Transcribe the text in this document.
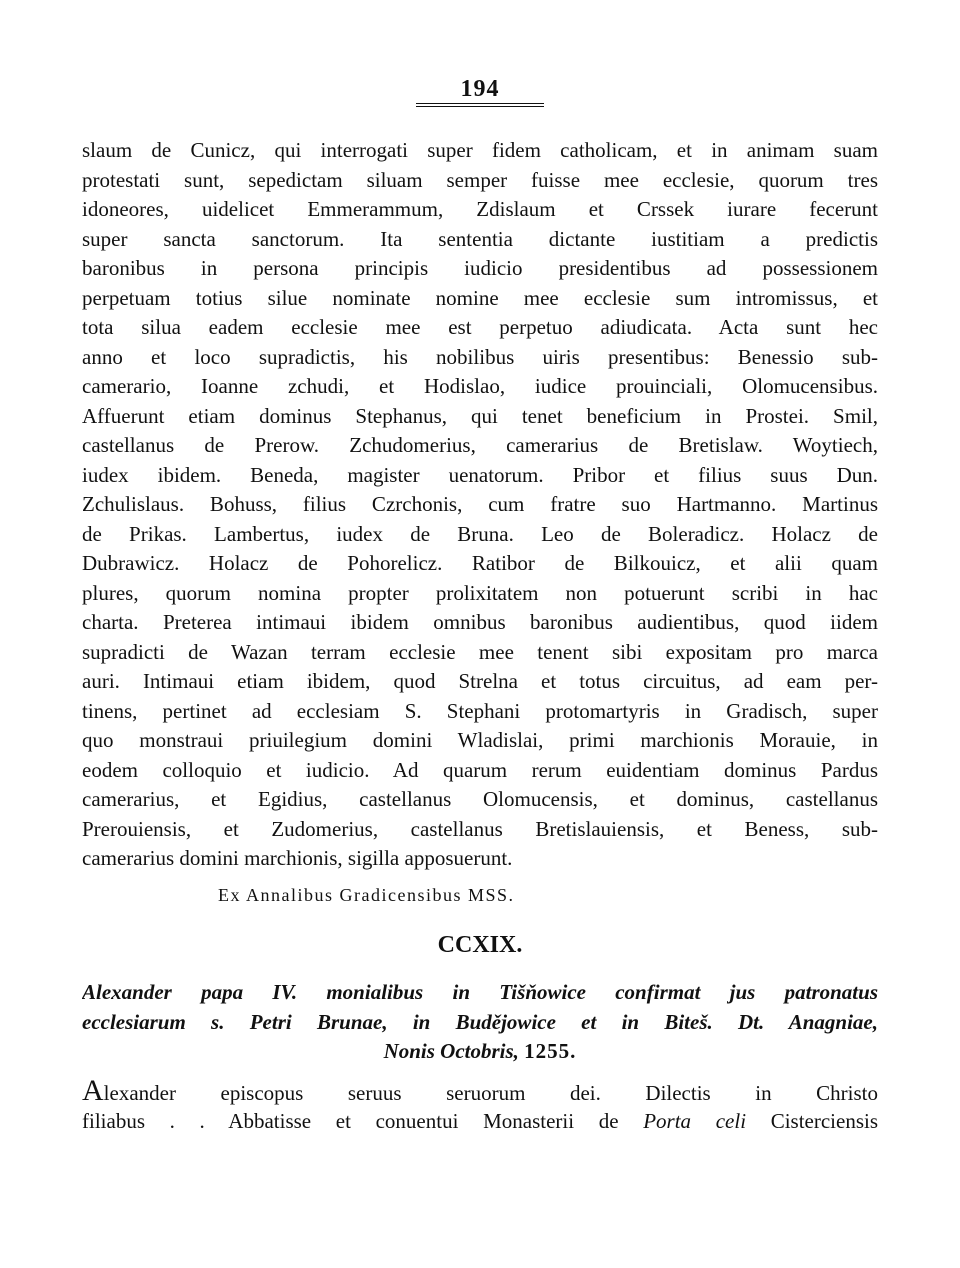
194
slaum de Cunicz, qui interrogati super fidem catholicam, et in animam suam
protestati sunt, sepedictam siluam semper fuisse mee ecclesie, quorum tres
idoneores, uidelicet Emmerammum, Zdislaum et Crssek iurare fecerunt
super sancta sanctorum. Ita sententia dictante iustitiam a predictis
baronibus in persona principis iudicio presidentibus ad possessionem
perpetuam totius silue nominate nomine mee ecclesie sum intromissus, et
tota silua eadem ecclesie mee est perpetuo adiudicata. Acta sunt hec
anno et loco supradictis, his nobilibus uiris presentibus: Benessio sub-
camerario, Ioanne zchudi, et Hodislao, iudice prouinciali, Olomucensibus.
Affuerunt etiam dominus Stephanus, qui tenet beneficium in Prostei. Smil,
castellanus de Prerow. Zchudomerius, camerarius de Bretislaw. Woytiech,
iudex ibidem. Beneda, magister uenatorum. Pribor et filius suus Dun.
Zchulislaus. Bohuss, filius Czrchonis, cum fratre suo Hartmanno. Martinus
de Prikas. Lambertus, iudex de Bruna. Leo de Boleradicz. Holacz de
Dubrawicz. Holacz de Pohorelicz. Ratibor de Bilkouicz, et alii quam
plures, quorum nomina propter prolixitatem non potuerunt scribi in hac
charta. Preterea intimaui ibidem omnibus baronibus audientibus, quod iidem
supradicti de Wazan terram ecclesie mee tenent sibi expositam pro marca
auri. Intimaui etiam ibidem, quod Strelna et totus circuitus, ad eam per-
tinens, pertinet ad ecclesiam S. Stephani protomartyris in Gradisch, super
quo monstraui priuilegium domini Wladislai, primi marchionis Morauie, in
eodem colloquio et iudicio. Ad quarum rerum euidentiam dominus Pardus
camerarius, et Egidius, castellanus Olomucensis, et dominus, castellanus
Prerouiensis, et Zudomerius, castellanus Bretislauiensis, et Beness, sub-
camerarius domini marchionis, sigilla apposuerunt.
Ex Annalibus Gradicensibus MSS.
CCXIX.
Alexander papa IV. monialibus in Tišňowice confirmat jus patronatus
ecclesiarum s. Petri Brunae, in Budějowice et in Biteš. Dt. Anagniae,
Nonis Octobris, 1255.
Alexander episcopus seruus seruorum dei. Dilectis in Christo
filiabus . . Abbatisse et conuentui Monasterii de Porta celi Cisterciensis
